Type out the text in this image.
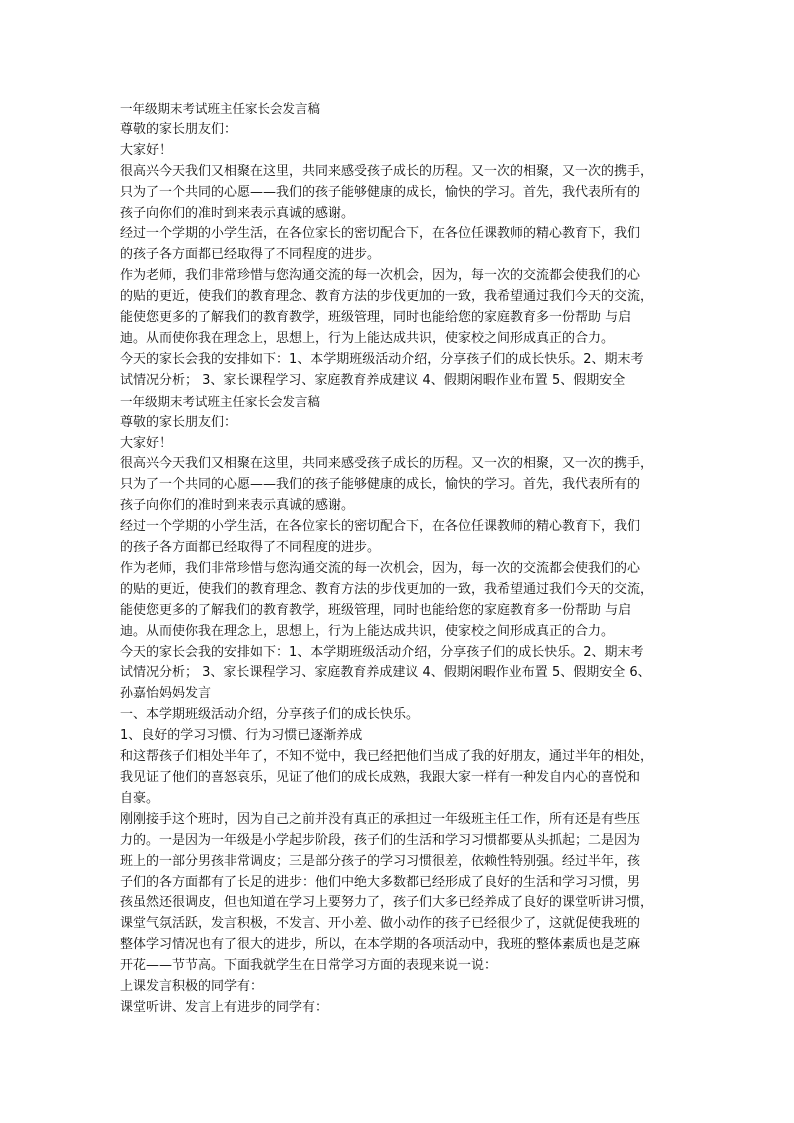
一年级期末考试班主任家长会发言稿

尊敬的家长朋友们：

大家好！

很高兴今天我们又相聚在这里，共同来感受孩子成长的历程。又一次的相聚，又一次的携手，

只为了一个共同的心愿——我们的孩子能够健康的成长，愉快的学习。首先，我代表所有的

孩子向你们的准时到来表示真诚的感谢。

经过一个学期的小学生活，在各位家长的密切配合下，在各位任课教师的精心教育下，我们

的孩子各方面都已经取得了不同程度的进步。

作为老师，我们非常珍惜与您沟通交流的每一次机会，因为，每一次的交流都会使我们的心

的贴的更近，使我们的教育理念、教育方法的步伐更加的一致，我希望通过我们今天的交流，

能使您更多的了解我们的教育教学，班级管理，同时也能给您的家庭教育多一份帮助 与启

迪。从而使你我在理念上，思想上，行为上能达成共识，使家校之间形成真正的合力。

今天的家长会我的安排如下：1、本学期班级活动介绍，分享孩子们的成长快乐。2、期末考

试情况分析； 3、家长课程学习、家庭教育养成建议 4、假期闲暇作业布置 5、假期安全

一年级期末考试班主任家长会发言稿

尊敬的家长朋友们：

大家好！

很高兴今天我们又相聚在这里，共同来感受孩子成长的历程。又一次的相聚，又一次的携手，

只为了一个共同的心愿——我们的孩子能够健康的成长，愉快的学习。首先，我代表所有的

孩子向你们的准时到来表示真诚的感谢。

经过一个学期的小学生活，在各位家长的密切配合下，在各位任课教师的精心教育下，我们

的孩子各方面都已经取得了不同程度的进步。

作为老师，我们非常珍惜与您沟通交流的每一次机会，因为，每一次的交流都会使我们的心

的贴的更近，使我们的教育理念、教育方法的步伐更加的一致，我希望通过我们今天的交流，

能使您更多的了解我们的教育教学，班级管理，同时也能给您的家庭教育多一份帮助 与启

迪。从而使你我在理念上，思想上，行为上能达成共识，使家校之间形成真正的合力。

今天的家长会我的安排如下：1、本学期班级活动介绍，分享孩子们的成长快乐。2、期末考

试情况分析； 3、家长课程学习、家庭教育养成建议 4、假期闲暇作业布置 5、假期安全 6、

孙嘉怡妈妈发言

一、本学期班级活动介绍，分享孩子们的成长快乐。

1、良好的学习习惯、行为习惯已逐渐养成

和这帮孩子们相处半年了，不知不觉中，我已经把他们当成了我的好朋友，通过半年的相处，

我见证了他们的喜怒哀乐，见证了他们的成长成熟，我跟大家一样有一种发自内心的喜悦和

自豪。

刚刚接手这个班时，因为自己之前并没有真正的承担过一年级班主任工作，所有还是有些压

力的。一是因为一年级是小学起步阶段，孩子们的生活和学习习惯都要从头抓起；二是因为

班上的一部分男孩非常调皮；三是部分孩子的学习习惯很差，依赖性特别强。经过半年，孩

子们的各方面都有了长足的进步：他们中绝大多数都已经形成了良好的生活和学习习惯，男

孩虽然还很调皮，但也知道在学习上要努力了，孩子们大多已经养成了良好的课堂听讲习惯，

课堂气氛活跃，发言积极，不发言、开小差、做小动作的孩子已经很少了，这就促使我班的

整体学习情况也有了很大的进步，所以，在本学期的各项活动中，我班的整体素质也是芝麻

开花——节节高。下面我就学生在日常学习方面的表现来说一说：

上课发言积极的同学有：

课堂听讲、发言上有进步的同学有：
